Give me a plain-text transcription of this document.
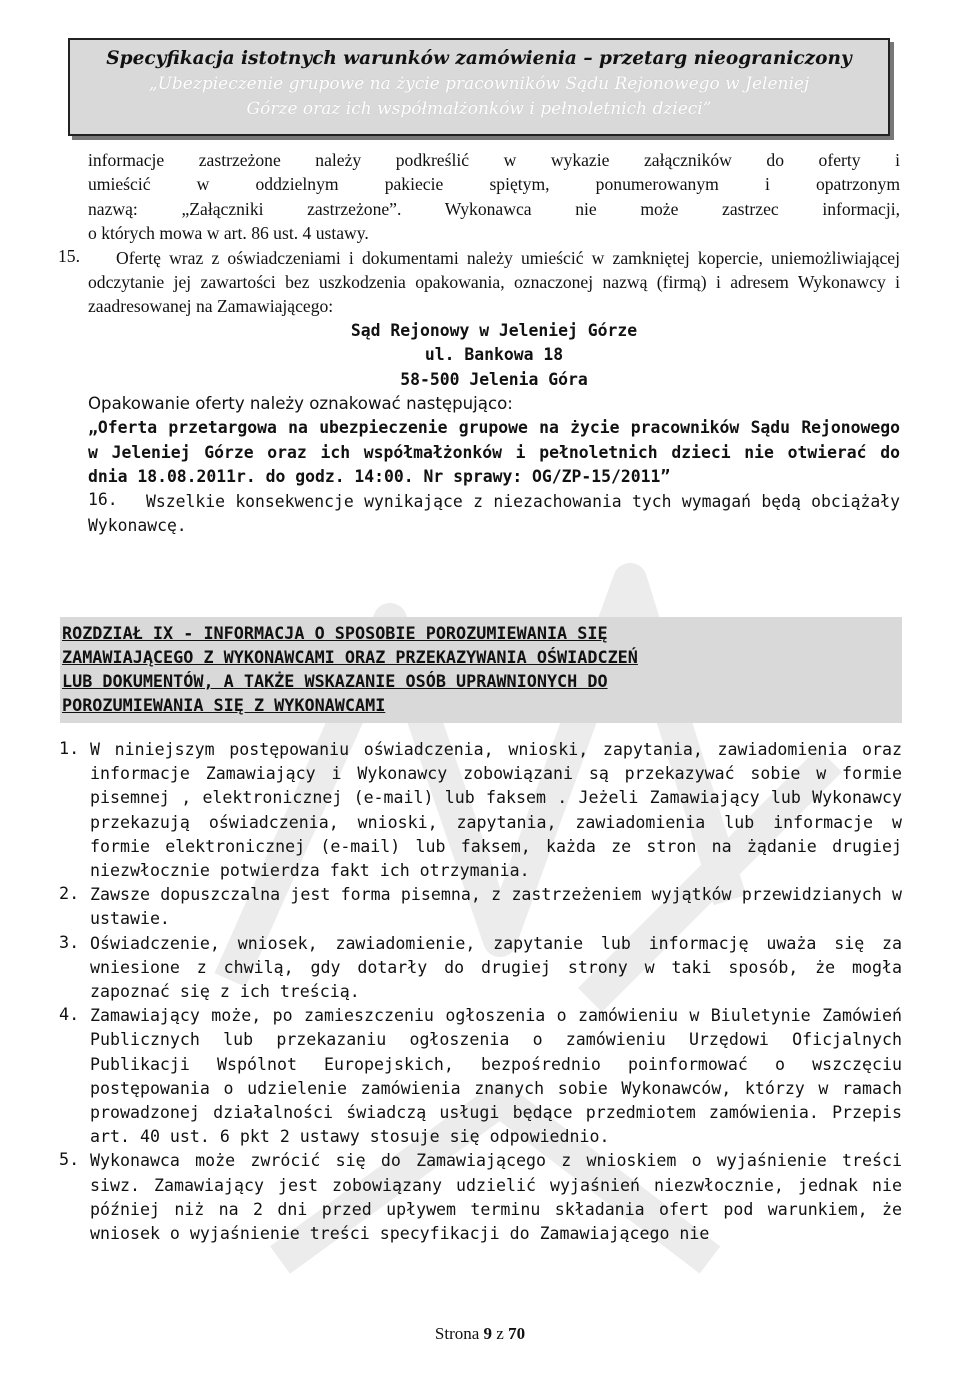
Specyfikacja istotnych warunków zamówienia – przetarg nieograniczony
„Ubezpieczenie grupowe na życie pracowników Sądu Rejonowego w Jeleniej
Górze oraz ich współmałżonków i pełnoletnich dzieci”

informacje zastrzeżone należy podkreślić w wykazie załączników do oferty i

umieścić w oddzielnym pakiecie spiętym, ponumerowanym i opatrzonym

nazwą: „Załączniki zastrzeżone”. Wykonawca nie może zastrzec informacji,

o których mowa w art. 86 ust. 4 ustawy.

15.	Ofertę wraz z oświadczeniami i dokumentami należy umieścić w zamkniętej kopercie, uniemożliwiającej odczytanie jej zawartości bez uszkodzenia opakowania, oznaczonej nazwą (firmą) i adresem Wykonawcy i zaadresowanej na Zamawiającego:

Sąd Rejonowy w Jeleniej Górze
ul. Bankowa 18
58-500 Jelenia Góra

Opakowanie oferty należy oznakować następująco:

„Oferta przetargowa na ubezpieczenie grupowe na życie pracowników Sądu Rejonowego w Jeleniej Górze oraz ich współmałżonków i pełnoletnich dzieci nie otwierać do dnia 18.08.2011r. do godz. 14:00. Nr sprawy: OG/ZP-15/2011”

16.	Wszelkie konsekwencje wynikające z niezachowania tych wymagań będą obciążały Wykonawcę.

ROZDZIAŁ IX - INFORMACJA O SPOSOBIE POROZUMIEWANIA SIĘ

ZAMAWIAJĄCEGO Z WYKONAWCAMI ORAZ PRZEKAZYWANIA OŚWIADCZEŃ

LUB DOKUMENTÓW, A TAKŻE WSKAZANIE OSÓB UPRAWNIONYCH DO

POROZUMIEWANIA SIĘ Z WYKONAWCAMI

1. W niniejszym postępowaniu oświadczenia, wnioski, zapytania, zawiadomienia oraz informacje Zamawiający i Wykonawcy zobowiązani są przekazywać sobie w formie pisemnej , elektronicznej (e-mail) lub faksem . Jeżeli Zamawiający lub Wykonawcy przekazują oświadczenia, wnioski, zapytania, zawiadomienia lub informacje w formie elektronicznej (e-mail) lub faksem, każda ze stron na żądanie drugiej niezwłocznie potwierdza fakt ich otrzymania.

2. Zawsze dopuszczalna jest forma pisemna, z zastrzeżeniem wyjątków przewidzianych w ustawie.

3. Oświadczenie, wniosek, zawiadomienie, zapytanie lub informację uważa się za wniesione z chwilą, gdy dotarły do drugiej strony w taki sposób, że mogła zapoznać się z ich treścią.

4. Zamawiający może, po zamieszczeniu ogłoszenia o zamówieniu w Biuletynie Zamówień Publicznych lub przekazaniu ogłoszenia o zamówieniu Urzędowi Oficjalnych Publikacji Wspólnot Europejskich, bezpośrednio poinformować o wszczęciu postępowania o udzielenie zamówienia znanych sobie Wykonawców, którzy w ramach prowadzonej działalności świadczą usługi będące przedmiotem zamówienia. Przepis art. 40 ust. 6 pkt 2 ustawy stosuje się odpowiednio.

5. Wykonawca może zwrócić się do Zamawiającego z wnioskiem o wyjaśnienie treści siwz. Zamawiający jest zobowiązany udzielić wyjaśnień niezwłocznie, jednak nie później niż na 2 dni przed upływem terminu składania ofert pod warunkiem, że wniosek o wyjaśnienie treści specyfikacji do Zamawiającego nie

Strona 9 z 70
